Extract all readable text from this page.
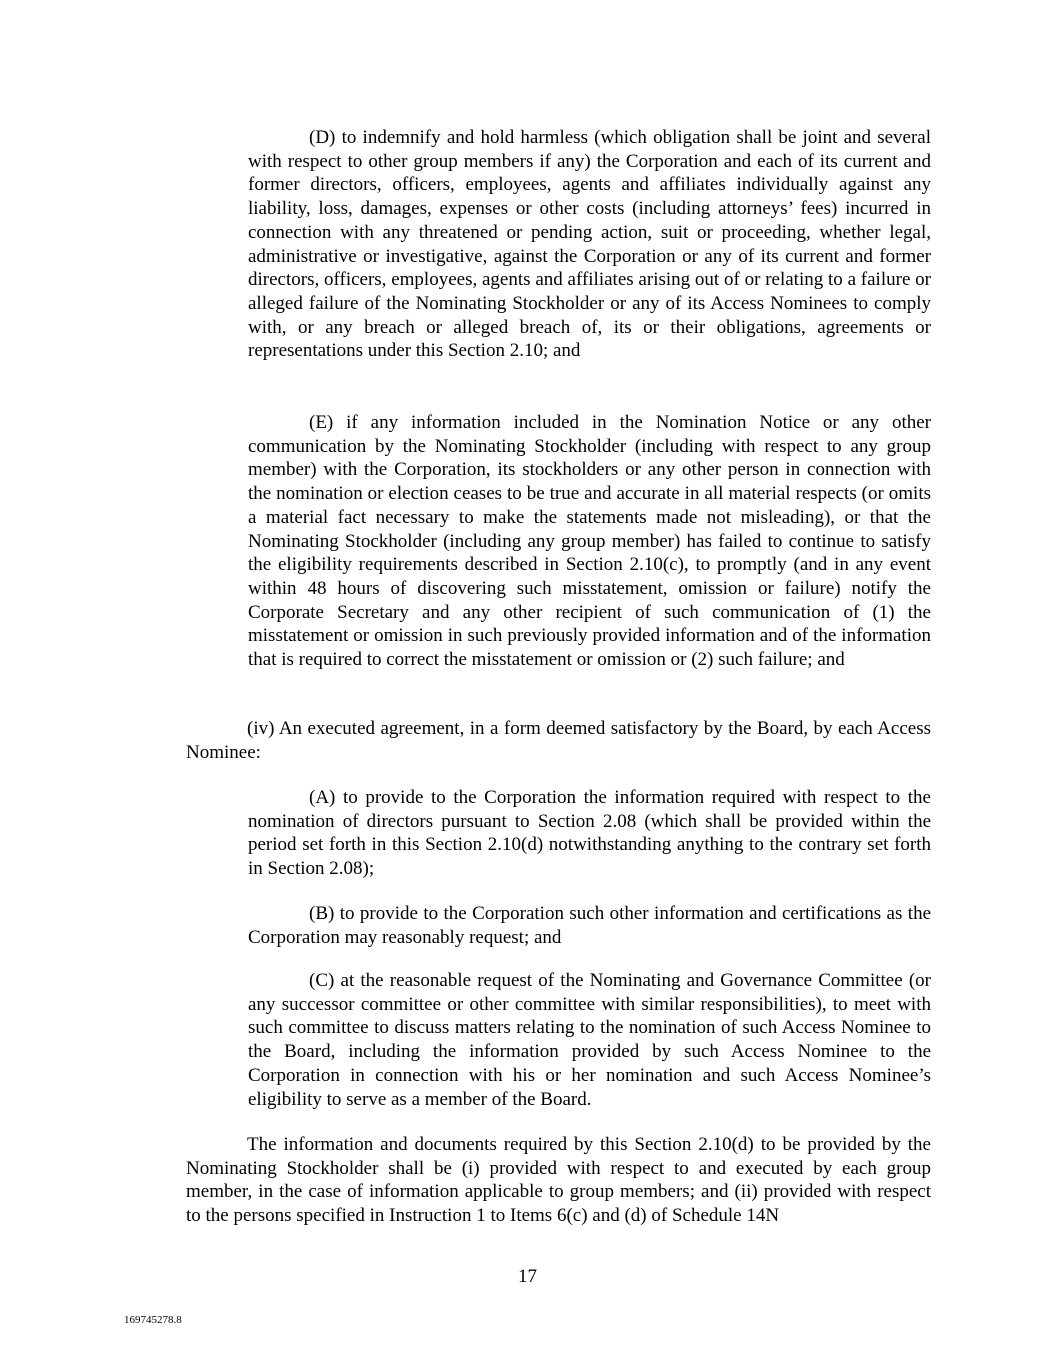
(D) to indemnify and hold harmless (which obligation shall be joint and several with respect to other group members if any) the Corporation and each of its current and former directors, officers, employees, agents and affiliates individually against any liability, loss, damages, expenses or other costs (including attorneys’ fees) incurred in connection with any threatened or pending action, suit or proceeding, whether legal, administrative or investigative, against the Corporation or any of its current and former directors, officers, employees, agents and affiliates arising out of or relating to a failure or alleged failure of the Nominating Stockholder or any of its Access Nominees to comply with, or any breach or alleged breach of, its or their obligations, agreements or representations under this Section 2.10; and

(E) if any information included in the Nomination Notice or any other communication by the Nominating Stockholder (including with respect to any group member) with the Corporation, its stockholders or any other person in connection with the nomination or election ceases to be true and accurate in all material respects (or omits a material fact necessary to make the statements made not misleading), or that the Nominating Stockholder (including any group member) has failed to continue to satisfy the eligibility requirements described in Section 2.10(c), to promptly (and in any event within 48 hours of discovering such misstatement, omission or failure) notify the Corporate Secretary and any other recipient of such communication of (1) the misstatement or omission in such previously provided information and of the information that is required to correct the misstatement or omission or (2) such failure; and

(iv) An executed agreement, in a form deemed satisfactory by the Board, by each Access Nominee:

(A) to provide to the Corporation the information required with respect to the nomination of directors pursuant to Section 2.08 (which shall be provided within the period set forth in this Section 2.10(d) notwithstanding anything to the contrary set forth in Section 2.08);

(B) to provide to the Corporation such other information and certifications as the Corporation may reasonably request; and

(C) at the reasonable request of the Nominating and Governance Committee (or any successor committee or other committee with similar responsibilities), to meet with such committee to discuss matters relating to the nomination of such Access Nominee to the Board, including the information provided by such Access Nominee to the Corporation in connection with his or her nomination and such Access Nominee’s eligibility to serve as a member of the Board.

The information and documents required by this Section 2.10(d) to be provided by the Nominating Stockholder shall be (i) provided with respect to and executed by each group member, in the case of information applicable to group members; and (ii) provided with respect to the persons specified in Instruction 1 to Items 6(c) and (d) of Schedule 14N

17
169745278.8
